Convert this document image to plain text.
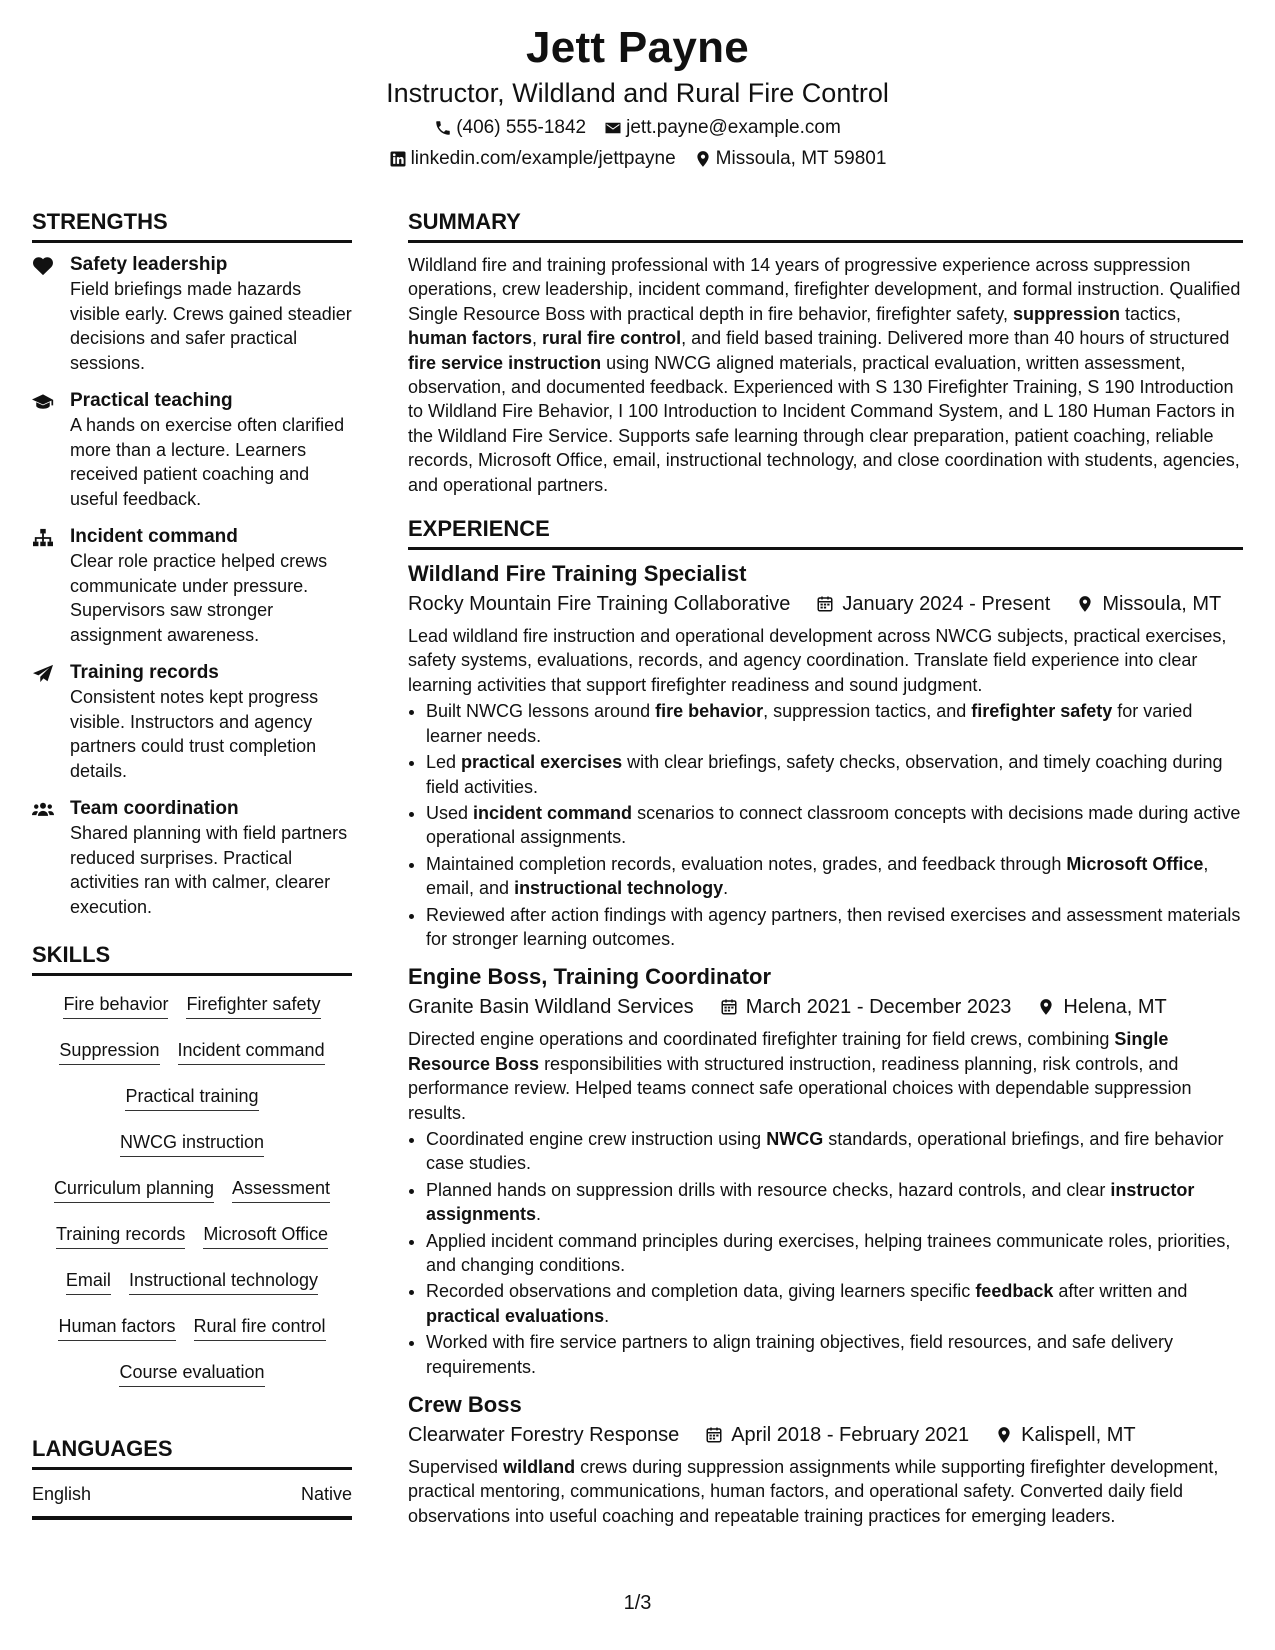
Jett Payne
Instructor, Wildland and Rural Fire Control
(406) 555-1842 jett.payne@example.com
linkedin.com/example/jettpayne Missoula, MT 59801
STRENGTHS
Safety leadership
Field briefings made hazards visible early. Crews gained steadier decisions and safer practical sessions.
Practical teaching
A hands on exercise often clarified more than a lecture. Learners received patient coaching and useful feedback.
Incident command
Clear role practice helped crews communicate under pressure. Supervisors saw stronger assignment awareness.
Training records
Consistent notes kept progress visible. Instructors and agency partners could trust completion details.
Team coordination
Shared planning with field partners reduced surprises. Practical activities ran with calmer, clearer execution.
SKILLS
Fire behavior Firefighter safety
Suppression Incident command
Practical training
NWCG instruction
Curriculum planning Assessment
Training records Microsoft Office
Email Instructional technology
Human factors Rural fire control
Course evaluation
LANGUAGES
English	Native
SUMMARY
Wildland fire and training professional with 14 years of progressive experience across suppression operations, crew leadership, incident command, firefighter development, and formal instruction. Qualified Single Resource Boss with practical depth in fire behavior, firefighter safety, suppression tactics, human factors, rural fire control, and field based training. Delivered more than 40 hours of structured fire service instruction using NWCG aligned materials, practical evaluation, written assessment, observation, and documented feedback. Experienced with S 130 Firefighter Training, S 190 Introduction to Wildland Fire Behavior, I 100 Introduction to Incident Command System, and L 180 Human Factors in the Wildland Fire Service. Supports safe learning through clear preparation, patient coaching, reliable records, Microsoft Office, email, instructional technology, and close coordination with students, agencies, and operational partners.
EXPERIENCE
Wildland Fire Training Specialist
Rocky Mountain Fire Training Collaborative	January 2024 - Present	Missoula, MT
Lead wildland fire instruction and operational development across NWCG subjects, practical exercises, safety systems, evaluations, records, and agency coordination. Translate field experience into clear learning activities that support firefighter readiness and sound judgment.
• Built NWCG lessons around fire behavior, suppression tactics, and firefighter safety for varied learner needs.
• Led practical exercises with clear briefings, safety checks, observation, and timely coaching during field activities.
• Used incident command scenarios to connect classroom concepts with decisions made during active operational assignments.
• Maintained completion records, evaluation notes, grades, and feedback through Microsoft Office, email, and instructional technology.
• Reviewed after action findings with agency partners, then revised exercises and assessment materials for stronger learning outcomes.
Engine Boss, Training Coordinator
Granite Basin Wildland Services	March 2021 - December 2023	Helena, MT
Directed engine operations and coordinated firefighter training for field crews, combining Single Resource Boss responsibilities with structured instruction, readiness planning, risk controls, and performance review. Helped teams connect safe operational choices with dependable suppression results.
• Coordinated engine crew instruction using NWCG standards, operational briefings, and fire behavior case studies.
• Planned hands on suppression drills with resource checks, hazard controls, and clear instructor assignments.
• Applied incident command principles during exercises, helping trainees communicate roles, priorities, and changing conditions.
• Recorded observations and completion data, giving learners specific feedback after written and practical evaluations.
• Worked with fire service partners to align training objectives, field resources, and safe delivery requirements.
Crew Boss
Clearwater Forestry Response	April 2018 - February 2021	Kalispell, MT
Supervised wildland crews during suppression assignments while supporting firefighter development, practical mentoring, communications, human factors, and operational safety. Converted daily field observations into useful coaching and repeatable training practices for emerging leaders.
1/3
